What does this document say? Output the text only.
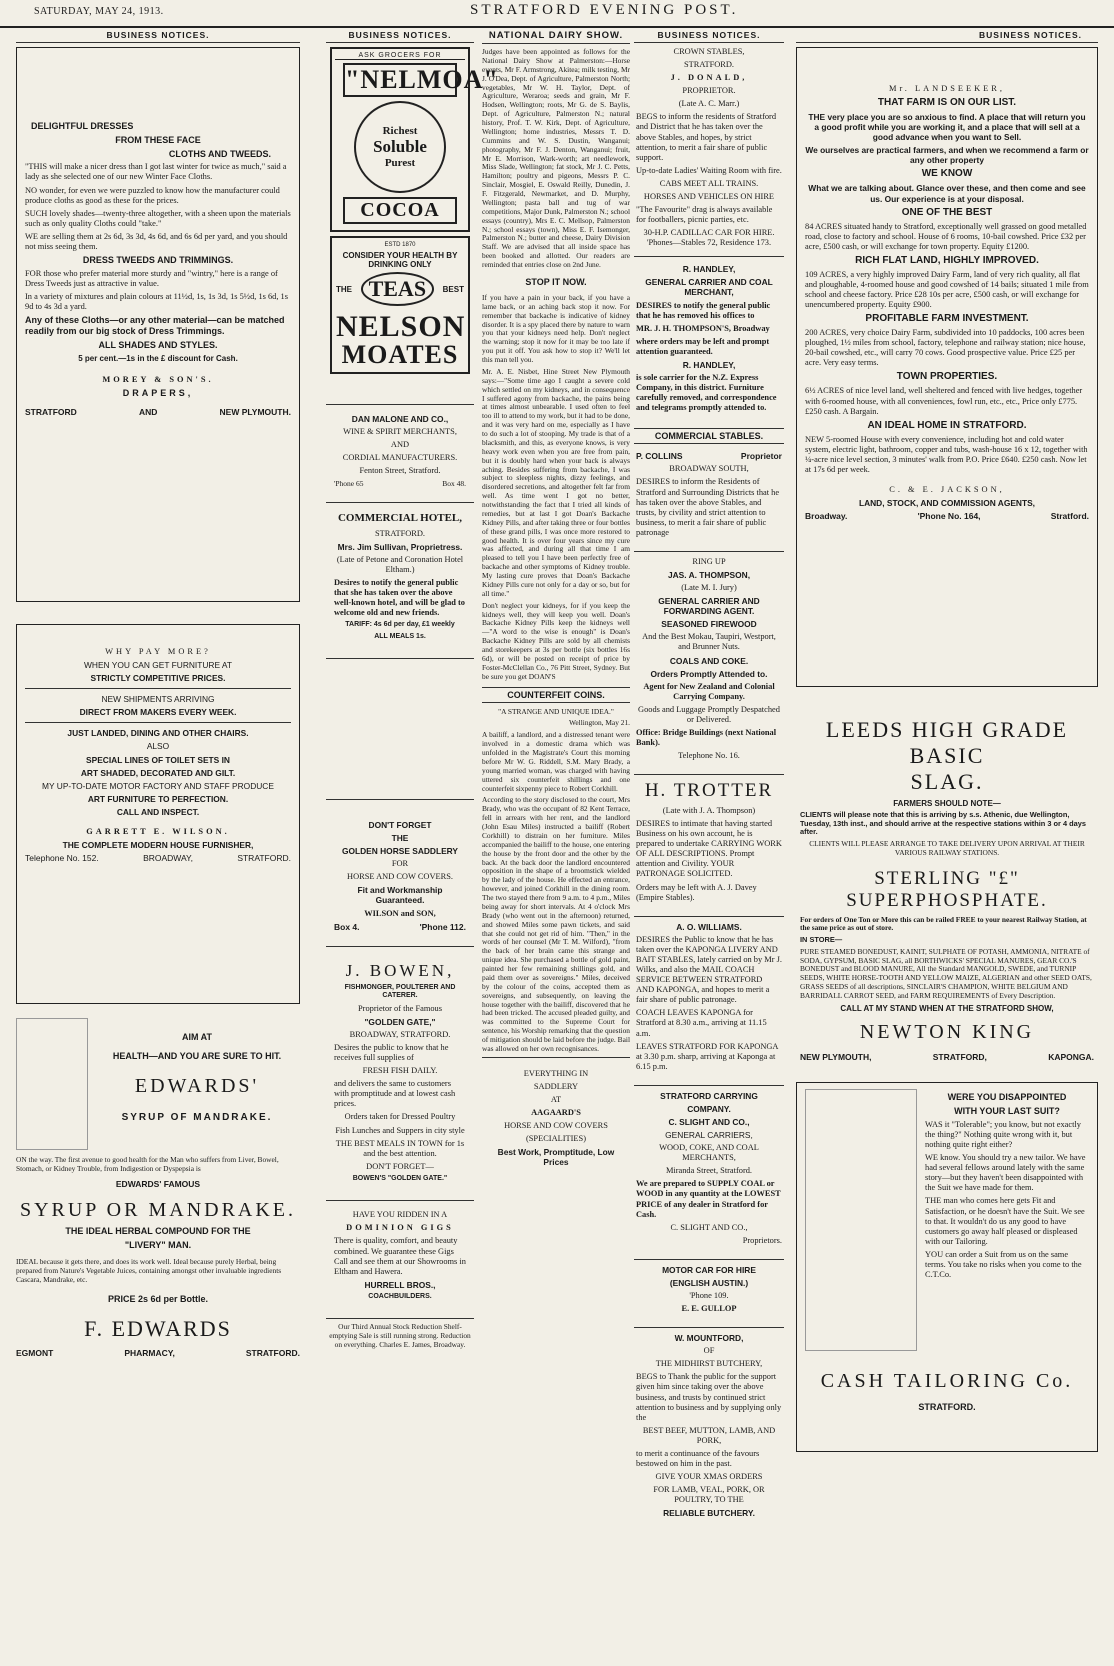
SATURDAY, MAY 24, 1913.	STRATFORD EVENING POST.
BUSINESS NOTICES.

DELIGHTFUL DRESSES

FROM THESE FACE

CLOTHS AND TWEEDS.

"THIS will make a nicer dress than I got last winter for twice as much," said a lady as she selected one of our new Winter Face Cloths.

NO wonder, for even we were puzzled to know how the manufacturer could produce cloths as good as these for the prices.

SUCH lovely shades—twenty-three altogether, with a sheen upon the materials such as only quality Cloths could "take."

WE are selling them at 2s 6d, 3s 3d, 4s 6d, and 6s 6d per yard, and you should not miss seeing them.

DRESS TWEEDS AND TRIMMINGS.

FOR those who prefer material more sturdy and "wintry," here is a range of Dress Tweeds just as attractive in value.

In a variety of mixtures and plain colours at 11½d, 1s, 1s 3d, 1s 5½d, 1s 6d, 1s 9d to 4s 3d a yard.

Any of these Cloths—or any other material—can be matched readily from our big stock of Dress Trimmings.

ALL SHADES AND STYLES.

5 per cent.—1s in the £ discount for Cash.

MOREY & SON'S.

DRAPERS,

STRATFORD	AND	NEW PLYMOUTH.

WHY PAY MORE?

WHEN YOU CAN GET FURNITURE AT

STRICTLY COMPETITIVE PRICES.

NEW SHIPMENTS ARRIVING

DIRECT FROM MAKERS EVERY WEEK.

JUST LANDED, DINING AND OTHER CHAIRS.

ALSO

SPECIAL LINES OF TOILET SETS IN

ART SHADED, DECORATED AND GILT.

MY UP-TO-DATE MOTOR FACTORY AND STAFF PRODUCE

ART FURNITURE TO PERFECTION.

CALL AND INSPECT.

GARRETT E. WILSON.

THE COMPLETE MODERN HOUSE FURNISHER,

Telephone No. 152.	BROADWAY,	STRATFORD.

AIM AT

HEALTH—AND YOU ARE SURE TO HIT.

EDWARDS'

SYRUP OF MANDRAKE.

ON the way. The first avenue to good health for the Man who suffers from Liver, Bowel, Stomach, or Kidney Trouble, from Indigestion or Dyspepsia is

EDWARDS' FAMOUS

SYRUP OR MANDRAKE.

THE IDEAL HERBAL COMPOUND FOR THE

"LIVERY" MAN.

IDEAL because it gets there, and does its work well. Ideal because purely Herbal, being prepared from Nature's Vegetable Juices, containing amongst other invaluable ingredients Cascara, Mandrake, etc.

PRICE 2s 6d per Bottle.

F. EDWARDS

EGMONT	PHARMACY,	STRATFORD.
BUSINESS NOTICES.
ASK GROCERS FOR
"NELMOA"
Richest
Soluble
Purest
COCOA
ESTD 1870
CONSIDER YOUR HEALTH BY DRINKING ONLY
THE TEAS	BEST
NELSON
MOATES

DAN MALONE AND CO.,

WINE & SPIRIT MERCHANTS,

AND

CORDIAL MANUFACTURERS.

Fenton Street, Stratford.

'Phone 65	Box 48.

COMMERCIAL HOTEL,

STRATFORD.

Mrs. Jim Sullivan, Proprietress.

(Late of Petone and Coronation Hotel Eltham.)

Desires to notify the general public that she has taken over the above well-known hotel, and will be glad to welcome old and new friends.

TARIFF: 4s 6d per day, £1 weekly

ALL MEALS 1s.

DON'T FORGET

THE

GOLDEN HORSE SADDLERY

FOR

HORSE AND COW COVERS.

Fit and Workmanship Guaranteed.

WILSON and SON,

Box 4.	'Phone 112.

J. BOWEN,

FISHMONGER, POULTERER AND CATERER.

Proprietor of the Famous

"GOLDEN GATE,"

BROADWAY, STRATFORD.

Desires the public to know that he receives full supplies of

FRESH FISH DAILY.

and delivers the same to customers with promptitude and at lowest cash prices.

Orders taken for Dressed Poultry

Fish Lunches and Suppers in city style

THE BEST MEALS IN TOWN for 1s and the best attention.

DON'T FORGET—

BOWEN'S "GOLDEN GATE."

HAVE YOU RIDDEN IN A

DOMINION GIGS

There is quality, comfort, and beauty combined. We guarantee these Gigs Call and see them at our Showrooms in Eltham and Hawera.

HURRELL BROS.,

COACHBUILDERS.

Our Third Annual Stock Reduction Shelf-emptying Sale is still running strong. Reduction on everything. Charles E. James, Broadway.

NATIONAL DAIRY SHOW.

Judges have been appointed as follows for the National Dairy Show at Palmerston:—Horse events, Mr F. Armstrong, Akitea; milk testing, Mr J. O'Dea, Dept. of Agriculture, Palmerston North; vegetables, Mr W. H. Taylor, Dept. of Agriculture, Weraroa; seeds and grain, Mr F. Hodsen, Wellington; roots, Mr G. de S. Baylis, Dept. of Agriculture, Palmerston N.; natural history, Prof. T. W. Kirk, Dept. of Agriculture, Wellington; home industries, Messrs T. D. Cummins and W. S. Dustin, Wanganui; photography, Mr F. J. Denton, Wanganui; fruit, Mr E. Morrison, Wark-worth; art needlework, Miss Slade, Wellington; fat stock, Mr J. C. Petts, Hamilton; poultry and pigeons, Messrs P. C. Sinclair, Mosgiel, E. Oswald Reilly, Dunedin, J. F. Fitzgerald, Newmarket, and D. Murphy, Wellington; pasta ball and tug of war competitions, Major Dunk, Palmerston N.; school essays (country), Mrs E. C. Mellsop, Palmerston N.; school essays (town), Miss E. F. Isemonger, Palmerston N.; butter and cheese, Dairy Division Staff. We are advised that all inside space has been booked and allotted. Our readers are reminded that entries close on 2nd June.

STOP IT NOW.

If you have a pain in your back, if you have a lame back, or an aching back stop it now. For remember that backache is indicative of kidney disorder. It is a spy placed there by nature to warn you that your kidneys need help. Don't neglect the warning; stop it now for it may be too late if you put it off. You ask how to stop it? We'll let this man tell you.

Mr. A. E. Nisbet, Hine Street New Plymouth says:—"Some time ago I caught a severe cold which settled on my kidneys, and in consequence I suffered agony from backache, the pains being at times almost unbearable. I used often to feel too ill to attend to my work, but it had to be done, and it was very hard on me, especially as I have to do such a lot of stooping. My trade is that of a blacksmith, and this, as everyone knows, is very heavy work even when you are free from pain, but it is doubly hard when your back is always aching. Besides suffering from backache, I was subject to sleepless nights, dizzy feelings, and disordered secretions, and altogether felt far from well. As time went I got no better, notwithstanding the fact that I tried all kinds of remedies, but at last I got Doan's Backache Kidney Pills, and after taking three or four bottles of these grand pills, I was once more restored to good health. It is over four years since my cure was affected, and during all that time I am pleased to tell you I have been perfectly free of backache and other symptoms of Kidney trouble. My lasting cure proves that Doan's Backache Kidney Pills cure not only for a day or so, but for all time."

Don't neglect your kidneys, for if you keep the kidneys well, they will keep you well. Doan's Backache Kidney Pills keep the kidneys well—"A word to the wise is enough" is Doan's Backache Kidney Pills are sold by all chemists and storekeepers at 3s per bottle (six bottles 16s 6d), or will be posted on receipt of price by Foster-McClellan Co., 76 Pitt Street, Sydney. But be sure you get DOAN'S

COUNTERFEIT COINS.

"A STRANGE AND UNIQUE IDEA."

Wellington, May 21.

A bailiff, a landlord, and a distressed tenant were involved in a domestic drama which was unfolded in the Magistrate's Court this morning before Mr W. G. Riddell, S.M. Mary Brady, a young married woman, was charged with having uttered six counterfeit shillings and one counterfeit sixpenny piece to Robert Corkhill.

According to the story disclosed to the court, Mrs Brady, who was the occupant of 82 Kent Terrace, fell in arrears with her rent, and the landlord (John Esau Miles) instructed a bailiff (Robert Corkhill) to distrain on her furniture. Miles accompanied the bailiff to the house, one entering the house by the front door and the other by the back. At the back door the landlord encountered opposition in the shape of a broomstick wielded by the lady of the house. He effected an entrance, however, and joined Corkhill in the dining room. The two stayed there from 9 a.m. to 4 p.m., Miles being away for short intervals. At 4 o'clock Mrs Brady (who went out in the afternoon) returned, and showed Miles some pawn tickets, and said that she could not get rid of him. "Then," in the words of her counsel (Mr T. M. Wilford), "from the back of her brain came this strange and unique idea. She purchased a bottle of gold paint, painted her few remaining shillings gold, and paid them over as sovereigns." Miles, deceived by the colour of the coins, accepted them as sovereigns, and subsequently, on leaving the house together with the bailiff, discovered that he had been tricked. The accused pleaded guilty, and was committed to the Supreme Court for sentence, his Worship remarking that the question of mitigation should be laid before the judge. Bail was allowed on her own recognisances.

EVERYTHING IN

SADDLERY

AT

AAGAARD'S

HORSE AND COW COVERS

(SPECIALITIES)

Best Work, Promptitude, Low Prices

BUSINESS NOTICES.

CROWN STABLES,

STRATFORD.

J. DONALD,

PROPRIETOR.

(Late A. C. Marr.)

BEGS to inform the residents of Stratford and District that he has taken over the above Stables, and hopes, by strict attention, to merit a fair share of public support.

Up-to-date Ladies' Waiting Room with fire.

CABS MEET ALL TRAINS.

HORSES AND VEHICLES ON HIRE

"The Favourite" drag is always available for footballers, picnic parties, etc.

30-H.P. CADILLAC CAR FOR HIRE. 'Phones—Stables 72, Residence 173.

R. HANDLEY,

GENERAL CARRIER AND COAL MERCHANT,

DESIRES to notify the general public that he has removed his offices to

MR. J. H. THOMPSON'S, Broadway

where orders may be left and prompt attention guaranteed.

R. HANDLEY,

is sole carrier for the N.Z. Express Company, in this district. Furniture carefully removed, and correspondence and telegrams promptly attended to.

COMMERCIAL STABLES.
P. COLLINS	Proprietor

BROADWAY SOUTH,

DESIRES to inform the Residents of Stratford and Surrounding Districts that he has taken over the above Stables, and trusts, by civility and strict attention to business, to merit a fair share of public patronage

RING UP

JAS. A. THOMPSON,

(Late M. I. Jury)

GENERAL CARRIER AND FORWARDING AGENT.

SEASONED FIREWOOD

And the Best Mokau, Taupiri, Westport, and Brunner Nuts.

COALS AND COKE.

Orders Promptly Attended to.

Agent for New Zealand and Colonial Carrying Company.

Goods and Luggage Promptly Despatched or Delivered.

Office: Bridge Buildings (next National Bank).

Telephone No. 16.

H. TROTTER

(Late with J. A. Thompson)

DESIRES to intimate that having started Business on his own account, he is prepared to undertake CARRYING WORK OF ALL DESCRIPTIONS. Prompt attention and Civility. YOUR PATRONAGE SOLICITED.

Orders may be left with A. J. Davey (Empire Stables).

A. O. WILLIAMS.

DESIRES the Public to know that he has taken over the KAPONGA LIVERY AND BAIT STABLES, lately carried on by Mr J. Wilks, and also the MAIL COACH SERVICE BETWEEN STRATFORD AND KAPONGA, and hopes to merit a fair share of public patronage.

COACH LEAVES KAPONGA for Stratford at 8.30 a.m., arriving at 11.15 a.m.

LEAVES STRATFORD FOR KAPONGA at 3.30 p.m. sharp, arriving at Kaponga at 6.15 p.m.

STRATFORD CARRYING

COMPANY.

C. SLIGHT AND CO.,

GENERAL CARRIERS,

WOOD, COKE, AND COAL MERCHANTS,

Miranda Street, Stratford.

We are prepared to SUPPLY COAL or WOOD in any quantity at the LOWEST PRICE of any dealer in Stratford for Cash.

C. SLIGHT AND CO.,

Proprietors.

MOTOR CAR FOR HIRE

(ENGLISH AUSTIN.)

'Phone 109.

E. E. GULLOP

W. MOUNTFORD,

OF

THE MIDHIRST BUTCHERY,

BEGS to Thank the public for the support given him since taking over the above business, and trusts by continued strict attention to business and by supplying only the

BEST BEEF, MUTTON, LAMB, AND PORK,

to merit a continuance of the favours bestowed on him in the past.

GIVE YOUR XMAS ORDERS

FOR LAMB, VEAL, PORK, OR POULTRY, TO THE

RELIABLE BUTCHERY.

BUSINESS NOTICES.

Mr. LANDSEEKER,

THAT FARM IS ON OUR LIST.

THE very place you are so anxious to find. A place that will return you a good profit while you are working it, and a place that will sell at a good advance when you want to Sell.

We ourselves are practical farmers, and when we recommend a farm or any other property

WE KNOW

What we are talking about. Glance over these, and then come and see us. Our experience is at your disposal.

ONE OF THE BEST

84 ACRES situated handy to Stratford, exceptionally well grassed on good metalled road, close to factory and school. House of 6 rooms, 10-bail cowshed. Price £32 per acre, £500 cash, or will exchange for town property. Equity £1200.

RICH FLAT LAND, HIGHLY IMPROVED.

109 ACRES, a very highly improved Dairy Farm, land of very rich quality, all flat and ploughable, 4-roomed house and good cowshed of 14 bails; situated 1 mile from school and cheese factory. Price £28 10s per acre, £500 cash, or will exchange for unencumbered property. Equity £900.

PROFITABLE FARM INVESTMENT.

200 ACRES, very choice Dairy Farm, subdivided into 10 paddocks, 100 acres been ploughed, 1½ miles from school, factory, telephone and railway station; nice house, 20-bail cowshed, etc., will carry 70 cows. Good prospective value. Price £25 per acre. Very easy terms.

TOWN PROPERTIES.

6½ ACRES of nice level land, well sheltered and fenced with live hedges, together with 6-roomed house, with all conveniences, fowl run, etc., etc., Price only £775. £250 cash. A Bargain.

AN IDEAL HOME IN STRATFORD.

NEW 5-roomed House with every convenience, including hot and cold water system, electric light, bathroom, copper and tubs, wash-house 16 x 12, together with ¼-acre nice level section, 3 minutes' walk from P.O. Price £640. £250 cash. Now let at 17s 6d per week.

C. & E. JACKSON,

LAND, STOCK, AND COMMISSION AGENTS,

Broadway.	'Phone No. 164,	Stratford.

LEEDS HIGH GRADE BASIC

SLAG.

FARMERS SHOULD NOTE—

CLIENTS will please note that this is arriving by s.s. Athenic, due Wellington, Tuesday, 13th inst., and should arrive at the respective stations within 3 or 4 days after.

CLIENTS WILL PLEASE ARRANGE TO TAKE DELIVERY UPON ARRIVAL AT THEIR VARIOUS RAILWAY STATIONS.

STERLING "£" SUPERPHOSPHATE.

For orders of One Ton or More this can be railed FREE to your nearest Railway Station, at the same price as out of store.

IN STORE—

PURE STEAMED BONEDUST, KAINIT, SULPHATE OF POTASH, AMMONIA, NITRATE of SODA, GYPSUM, BASIC SLAG, all BORTHWICKS' SPECIAL MANURES, GEAR CO.'S BONEDUST and BLOOD MANURE, All the Standard MANGOLD, SWEDE, and TURNIP SEEDS, WHITE HORSE-TOOTH AND YELLOW MAIZE, ALGERIAN and other SEED OATS, GRASS SEEDS of all descriptions, SINCLAIR'S CHAMPION, WHITE BELGIUM AND BARRIDALL CARROT SEED, and FARM REQUIREMENTS of Every Description.

CALL AT MY STAND WHEN AT THE STRATFORD SHOW,

NEWTON KING

NEW PLYMOUTH,	STRATFORD,	KAPONGA.

WERE YOU DISAPPOINTED

WITH YOUR LAST SUIT?

WAS it "Tolerable"; you know, but not exactly the thing?" Nothing quite wrong with it, but nothing quite right either?

WE know. You should try a new tailor. We have had several fellows around lately with the same story—but they haven't been disappointed with the Suit we have made for them.

THE man who comes here gets Fit and Satisfaction, or he doesn't have the Suit. We see to that. It wouldn't do us any good to have customers go away half pleased or displeased with our Tailoring.

YOU can order a Suit from us on the same terms. You take no risks when you come to the C.T.Co.

CASH TAILORING Co.

STRATFORD.
